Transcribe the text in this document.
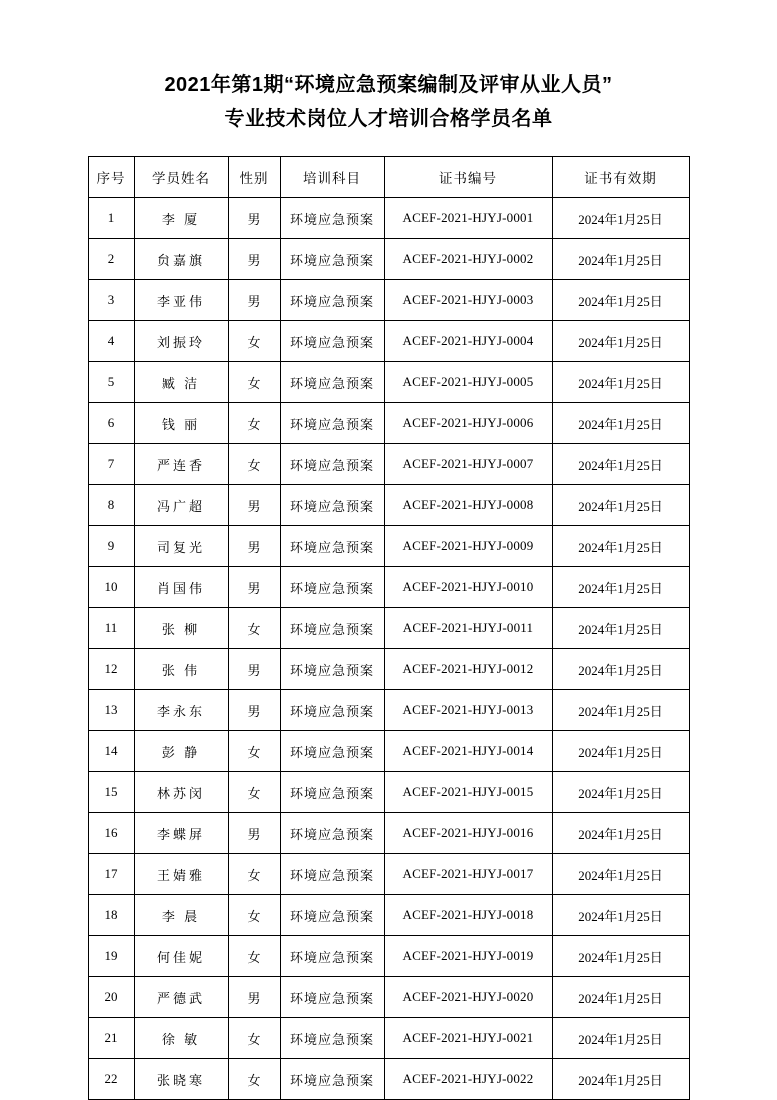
2021年第1期“环境应急预案编制及评审从业人员”
专业技术岗位人才培训合格学员名单
序号	学员姓名	性别	培训科目	证书编号	证书有效期
1	李 厦	男	环境应急预案	ACEF-2021-HJYJ-0001	2024年1月25日
2	贠嘉旗	男	环境应急预案	ACEF-2021-HJYJ-0002	2024年1月25日
3	李亚伟	男	环境应急预案	ACEF-2021-HJYJ-0003	2024年1月25日
4	刘振玲	女	环境应急预案	ACEF-2021-HJYJ-0004	2024年1月25日
5	臧 洁	女	环境应急预案	ACEF-2021-HJYJ-0005	2024年1月25日
6	钱 丽	女	环境应急预案	ACEF-2021-HJYJ-0006	2024年1月25日
7	严连香	女	环境应急预案	ACEF-2021-HJYJ-0007	2024年1月25日
8	冯广超	男	环境应急预案	ACEF-2021-HJYJ-0008	2024年1月25日
9	司复光	男	环境应急预案	ACEF-2021-HJYJ-0009	2024年1月25日
10	肖国伟	男	环境应急预案	ACEF-2021-HJYJ-0010	2024年1月25日
11	张 柳	女	环境应急预案	ACEF-2021-HJYJ-0011	2024年1月25日
12	张 伟	男	环境应急预案	ACEF-2021-HJYJ-0012	2024年1月25日
13	李永东	男	环境应急预案	ACEF-2021-HJYJ-0013	2024年1月25日
14	彭 静	女	环境应急预案	ACEF-2021-HJYJ-0014	2024年1月25日
15	林苏闵	女	环境应急预案	ACEF-2021-HJYJ-0015	2024年1月25日
16	李蝶屏	男	环境应急预案	ACEF-2021-HJYJ-0016	2024年1月25日
17	王婧雅	女	环境应急预案	ACEF-2021-HJYJ-0017	2024年1月25日
18	李 晨	女	环境应急预案	ACEF-2021-HJYJ-0018	2024年1月25日
19	何佳妮	女	环境应急预案	ACEF-2021-HJYJ-0019	2024年1月25日
20	严德武	男	环境应急预案	ACEF-2021-HJYJ-0020	2024年1月25日
21	徐 敏	女	环境应急预案	ACEF-2021-HJYJ-0021	2024年1月25日
22	张晓寒	女	环境应急预案	ACEF-2021-HJYJ-0022	2024年1月25日
